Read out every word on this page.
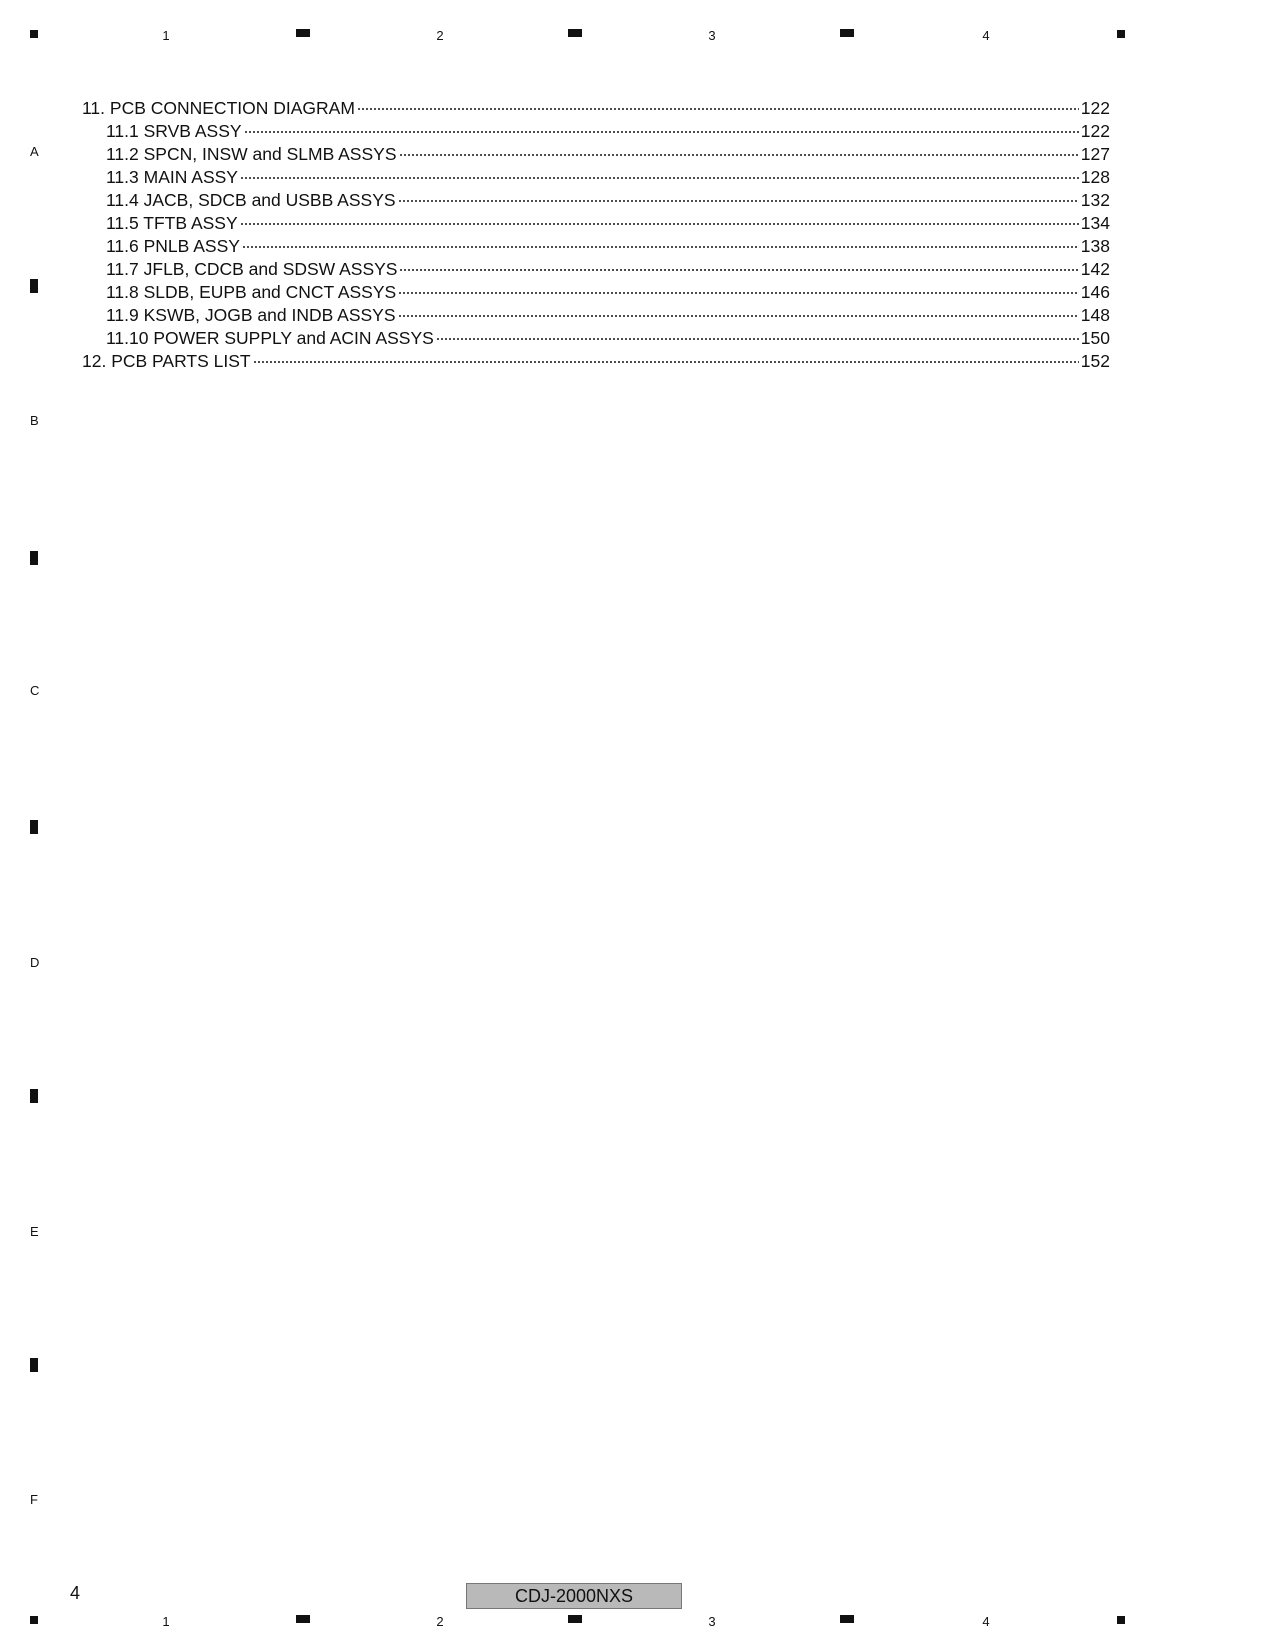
1	2	3	4
A
B
C
D
E
F
11. PCB CONNECTION DIAGRAM	122
11.1 SRVB ASSY	122
11.2 SPCN, INSW and SLMB ASSYS	127
11.3 MAIN ASSY	128
11.4 JACB, SDCB and USBB ASSYS	132
11.5 TFTB ASSY	134
11.6 PNLB ASSY	138
11.7 JFLB, CDCB and SDSW ASSYS	142
11.8 SLDB, EUPB and CNCT ASSYS	146
11.9 KSWB, JOGB and INDB ASSYS	148
11.10 POWER SUPPLY and ACIN ASSYS	150
12. PCB PARTS LIST	152
4	CDJ-2000NXS
1	2	3	4
